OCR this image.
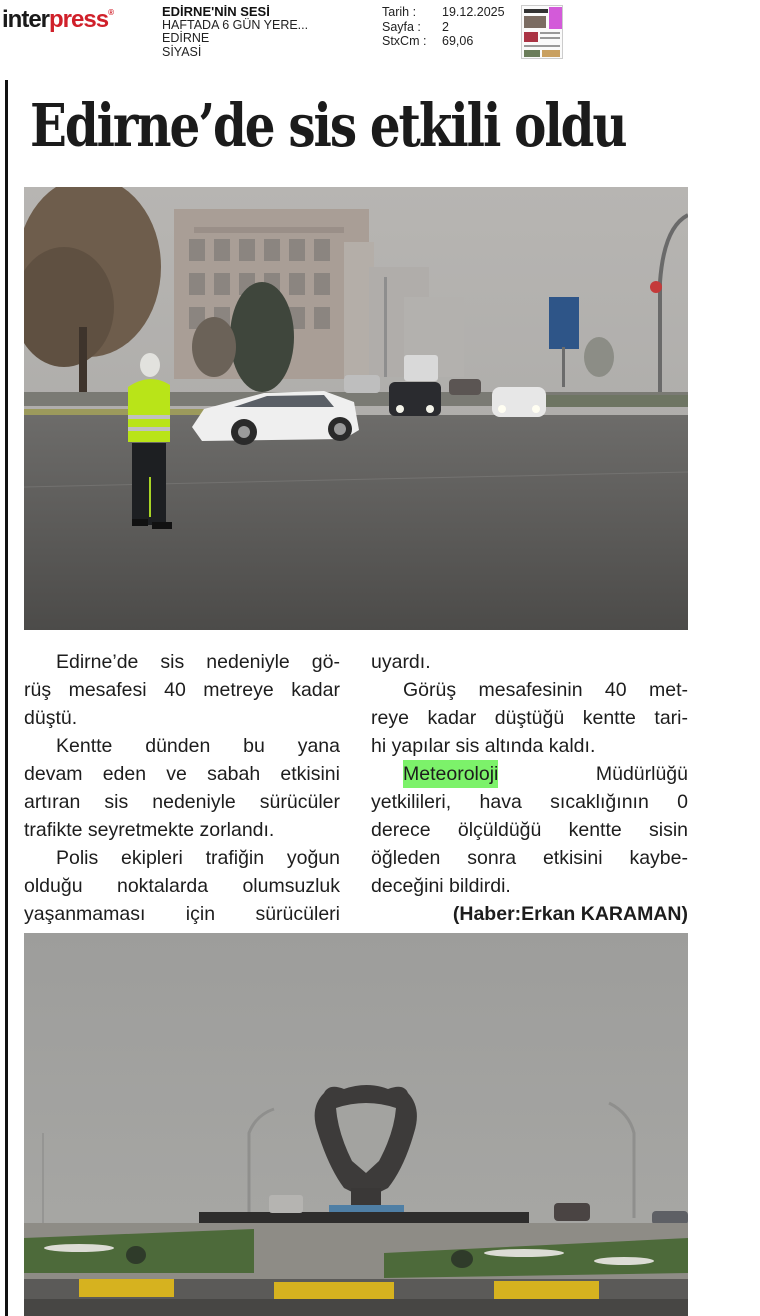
interpress®	EDİRNE'NİN SESİ
HAFTADA 6 GÜN YERE...
EDİRNE
SİYASİ
Tarih :	19.12.2025
Sayfa :	2
StxCm :	69,06
Edirne’de sis etkili oldu
Edirne’de sis nedeniyle gö-
rüş mesafesi 40 metreye kadar
düştü.
Kentte dünden bu yana
devam eden ve sabah etkisini
artıran sis nedeniyle sürücüler
trafikte seyretmekte zorlandı.
Polis ekipleri trafiğin yoğun
olduğu noktalarda olumsuzluk
yaşanmaması için sürücüleri
uyardı.
Görüş mesafesinin 40 met-
reye kadar düştüğü kentte tari-
hi yapılar sis altında kaldı.
Meteoroloji	Müdürlüğü
yetkilileri, hava sıcaklığının 0
derece ölçüldüğü kentte sisin
öğleden sonra etkisini kaybe-
deceğini bildirdi.
(Haber:Erkan KARAMAN)
